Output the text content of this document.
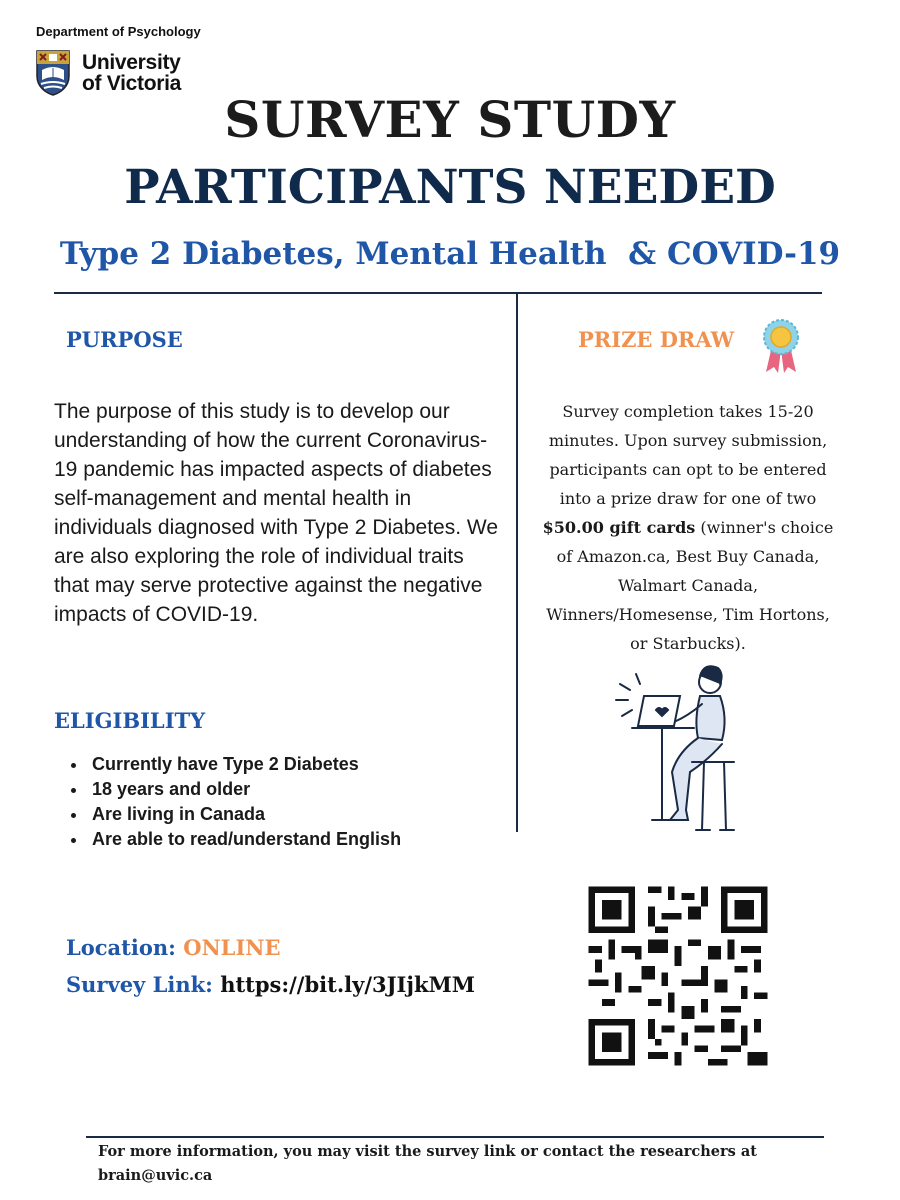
Department of Psychology
University
of Victoria
SURVEY STUDY
PARTICIPANTS NEEDED
Type 2 Diabetes, Mental Health  & COVID-19
PURPOSE
The purpose of this study is to develop our understanding of how the current Coronavirus-19 pandemic has impacted aspects of diabetes self-management and mental health in individuals diagnosed with Type 2 Diabetes. We are also exploring the role of individual traits that may serve protective against the negative impacts of COVID-19.
ELIGIBILITY
• Currently have Type 2 Diabetes
• 18 years and older
• Are living in Canada
• Are able to read/understand English
PRIZE DRAW
Survey completion takes 15-20 minutes. Upon survey submission, participants can opt to be entered into a prize draw for one of two $50.00 gift cards (winner's choice of Amazon.ca, Best Buy Canada, Walmart Canada, Winners/Homesense, Tim Hortons, or Starbucks).
Location: ONLINE
Survey Link: https://bit.ly/3JIjkMM
For more information, you may visit the survey link or contact the researchers at brain@uvic.ca
